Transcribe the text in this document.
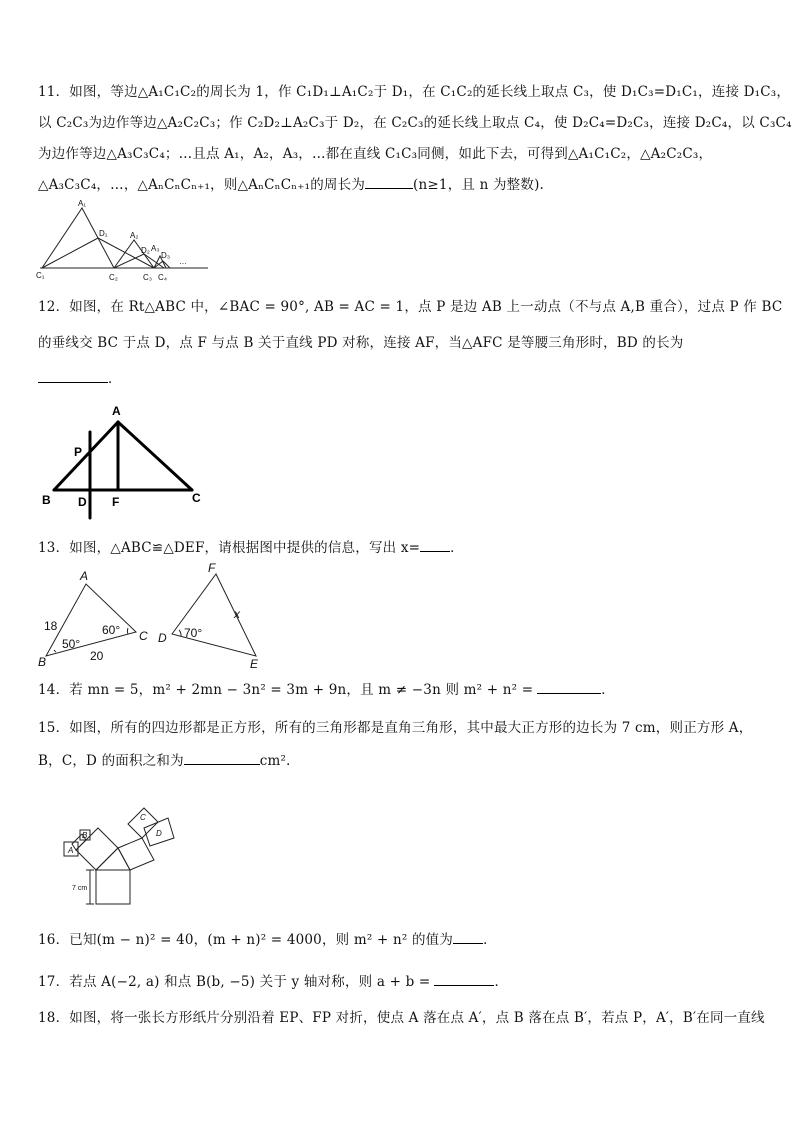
11．如图，等边△A₁C₁C₂的周长为 1，作 C₁D₁⊥A₁C₂于 D₁，在 C₁C₂的延长线上取点 C₃，使 D₁C₃=D₁C₁，连接 D₁C₃，
以 C₂C₃为边作等边△A₂C₂C₃；作 C₂D₂⊥A₂C₃于 D₂，在 C₂C₃的延长线上取点 C₄，使 D₂C₄=D₂C₃，连接 D₂C₄，以 C₃C₄
为边作等边△A₃C₃C₄；…且点 A₁，A₂，A₃，…都在直线 C₁C₃同侧，如此下去，可得到△A₁C₁C₂，△A₂C₂C₃，
△A₃C₃C₄，…，△AₙCₙCₙ₊₁，则△AₙCₙCₙ₊₁的周长为	(n≥1，且 n 为整数).
A₁
D₁	A₂
D₂ A₃
D₃
C₁	C₂	C₃ C₄
…
12．如图，在 Rt△ABC 中，∠BAC = 90°, AB = AC = 1，点 P 是边 AB 上一动点（不与点 A,B 重合），过点 P 作 BC
的垂线交 BC 于点 D，点 F 与点 B 关于直线 PD 对称，连接 AF，当△AFC 是等腰三角形时，BD 的长为
．
A
P
B D F	C
13．如图，△ABC≌△DEF，请根据图中提供的信息，写出 x= ．
A
B
C
18
20
50°
60°
F
D
E
x
70°
14．若 mn = 5，m² + 2mn − 3n² = 3m + 9n，且 m ≠ −3n 则 m² + n² =	．
15．如图，所有的四边形都是正方形，所有的三角形都是直角三角形，其中最大正方形的边长为 7 cm，则正方形 A，
B，C，D 的面积之和为	cm²．
A
B
C
D
7 cm
16．已知(m − n)² = 40，(m + n)² = 4000，则 m² + n² 的值为 ．
17．若点 A(−2, a) 和点 B(b, −5) 关于 y 轴对称，则 a + b =	．
18．如图，将一张长方形纸片分别沿着 EP、FP 对折，使点 A 落在点 A′，点 B 落在点 B′，若点 P，A′，B′在同一直线
